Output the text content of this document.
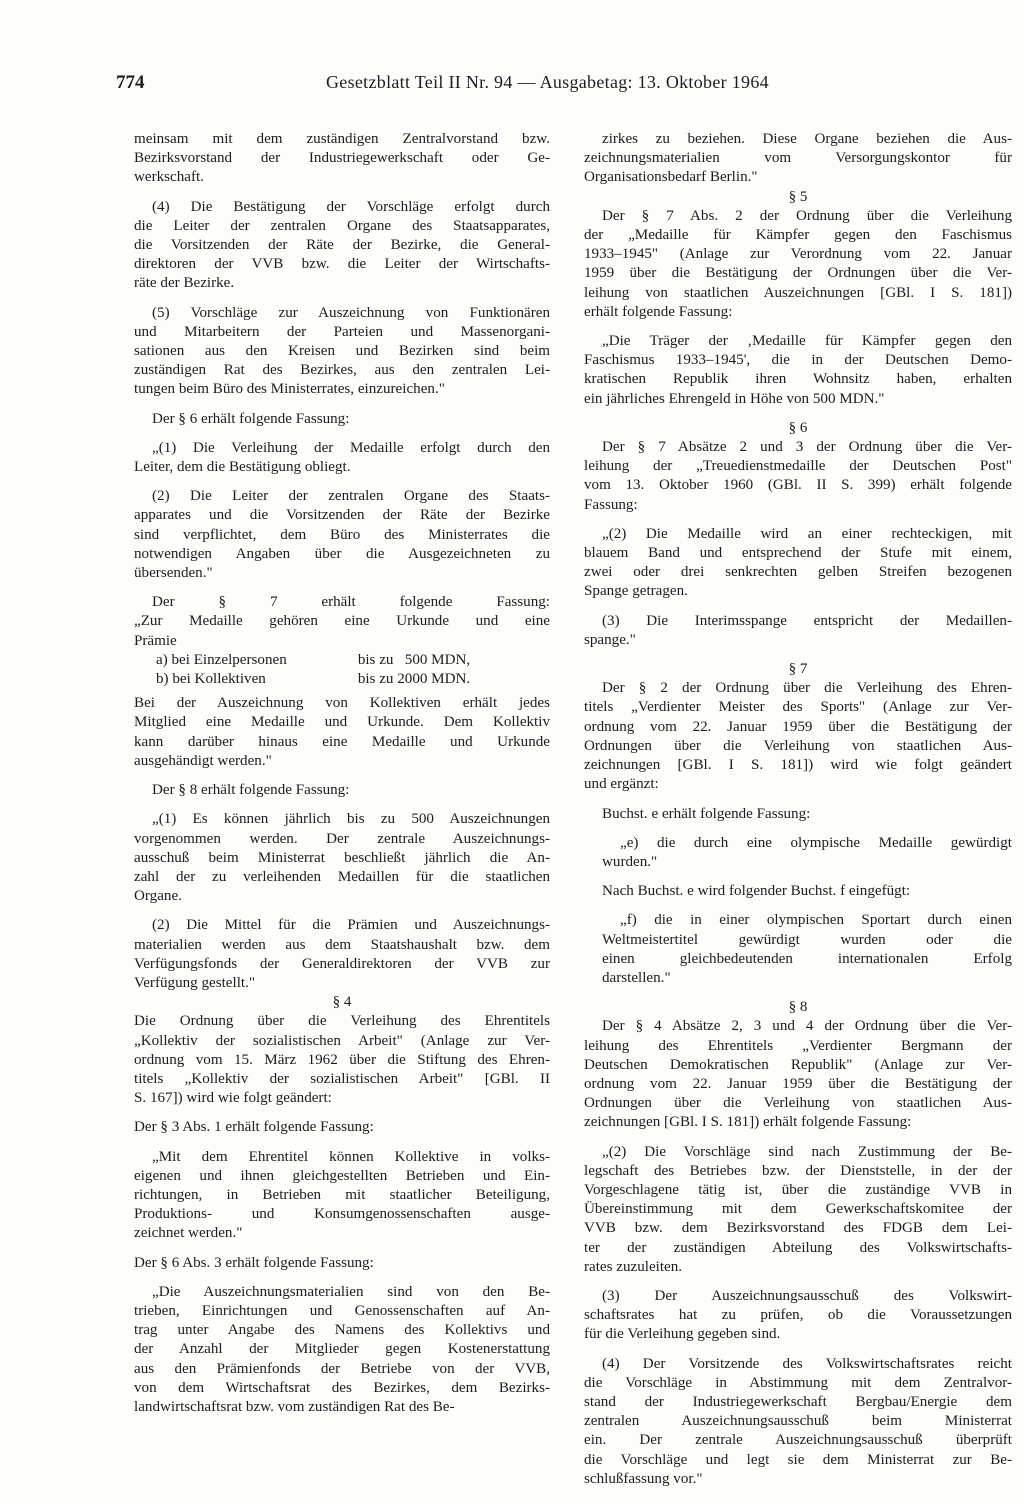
774	Gesetzblatt Teil II Nr. 94 — Ausgabetag: 13. Oktober 1964
meinsam mit dem zuständigen Zentralvorstand bzw.
Bezirksvorstand der Industriegewerkschaft oder Ge-
werkschaft.
(4) Die Bestätigung der Vorschläge erfolgt durch
die Leiter der zentralen Organe des Staatsapparates,
die Vorsitzenden der Räte der Bezirke, die General-
direktoren der VVB bzw. die Leiter der Wirtschafts-
räte der Bezirke.
(5) Vorschläge zur Auszeichnung von Funktionären
und Mitarbeitern der Parteien und Massenorgani-
sationen aus den Kreisen und Bezirken sind beim
zuständigen Rat des Bezirkes, aus den zentralen Lei-
tungen beim Büro des Ministerrates, einzureichen."
Der § 6 erhält folgende Fassung:
„(1) Die Verleihung der Medaille erfolgt durch den
Leiter, dem die Bestätigung obliegt.
(2) Die Leiter der zentralen Organe des Staats-
apparates und die Vorsitzenden der Räte der Bezirke
sind verpflichtet, dem Büro des Ministerrates die
notwendigen Angaben über die Ausgezeichneten zu
übersenden."
Der § 7 erhält folgende Fassung:
„Zur Medaille gehören eine Urkunde und eine
Prämie
a) bei Einzelpersonen	bis zu   500 MDN,
b) bei Kollektiven	bis zu 2000 MDN.
Bei der Auszeichnung von Kollektiven erhält jedes
Mitglied eine Medaille und Urkunde. Dem Kollektiv
kann darüber hinaus eine Medaille und Urkunde
ausgehändigt werden."
Der § 8 erhält folgende Fassung:
„(1) Es können jährlich bis zu 500 Auszeichnungen
vorgenommen werden. Der zentrale Auszeichnungs-
ausschuß beim Ministerrat beschließt jährlich die An-
zahl der zu verleihenden Medaillen für die staatlichen
Organe.
(2) Die Mittel für die Prämien und Auszeichnungs-
materialien werden aus dem Staatshaushalt bzw. dem
Verfügungsfonds der Generaldirektoren der VVB zur
Verfügung gestellt."
§ 4
Die Ordnung über die Verleihung des Ehrentitels
„Kollektiv der sozialistischen Arbeit" (Anlage zur Ver-
ordnung vom 15. März 1962 über die Stiftung des Ehren-
titels „Kollektiv der sozialistischen Arbeit" [GBl. II
S. 167]) wird wie folgt geändert:
Der § 3 Abs. 1 erhält folgende Fassung:
„Mit dem Ehrentitel können Kollektive in volks-
eigenen und ihnen gleichgestellten Betrieben und Ein-
richtungen, in Betrieben mit staatlicher Beteiligung,
Produktions- und Konsumgenossenschaften ausge-
zeichnet werden."
Der § 6 Abs. 3 erhält folgende Fassung:
„Die Auszeichnungsmaterialien sind von den Be-
trieben, Einrichtungen und Genossenschaften auf An-
trag unter Angabe des Namens des Kollektivs und
der Anzahl der Mitglieder gegen Kostenerstattung
aus den Prämienfonds der Betriebe von der VVB,
von dem Wirtschaftsrat des Bezirkes, dem Bezirks-
landwirtschaftsrat bzw. vom zuständigen Rat des Be-
zirkes zu beziehen. Diese Organe beziehen die Aus-
zeichnungsmaterialien vom Versorgungskontor für
Organisationsbedarf Berlin."
§ 5
Der § 7 Abs. 2 der Ordnung über die Verleihung
der „Medaille für Kämpfer gegen den Faschismus
1933–1945" (Anlage zur Verordnung vom 22. Januar
1959 über die Bestätigung der Ordnungen über die Ver-
leihung von staatlichen Auszeichnungen [GBl. I S. 181])
erhält folgende Fassung:
„Die Träger der ‚Medaille für Kämpfer gegen den
Faschismus 1933–1945', die in der Deutschen Demo-
kratischen Republik ihren Wohnsitz haben, erhalten
ein jährliches Ehrengeld in Höhe von 500 MDN."
§ 6
Der § 7 Absätze 2 und 3 der Ordnung über die Ver-
leihung der „Treuedienstmedaille der Deutschen Post"
vom 13. Oktober 1960 (GBl. II S. 399) erhält folgende
Fassung:
„(2) Die Medaille wird an einer rechteckigen, mit
blauem Band und entsprechend der Stufe mit einem,
zwei oder drei senkrechten gelben Streifen bezogenen
Spange getragen.
(3) Die Interimsspange entspricht der Medaillen-
spange."
§ 7
Der § 2 der Ordnung über die Verleihung des Ehren-
titels „Verdienter Meister des Sports" (Anlage zur Ver-
ordnung vom 22. Januar 1959 über die Bestätigung der
Ordnungen über die Verleihung von staatlichen Aus-
zeichnungen [GBl. I S. 181]) wird wie folgt geändert
und ergänzt:
Buchst. e erhält folgende Fassung:
„e) die durch eine olympische Medaille gewürdigt
wurden."
Nach Buchst. e wird folgender Buchst. f eingefügt:
„f) die in einer olympischen Sportart durch einen
Weltmeistertitel gewürdigt wurden oder die
einen gleichbedeutenden internationalen Erfolg
darstellen."
§ 8
Der § 4 Absätze 2, 3 und 4 der Ordnung über die Ver-
leihung des Ehrentitels „Verdienter Bergmann der
Deutschen Demokratischen Republik" (Anlage zur Ver-
ordnung vom 22. Januar 1959 über die Bestätigung der
Ordnungen über die Verleihung von staatlichen Aus-
zeichnungen [GBl. I S. 181]) erhält folgende Fassung:
„(2) Die Vorschläge sind nach Zustimmung der Be-
legschaft des Betriebes bzw. der Dienststelle, in der der
Vorgeschlagene tätig ist, über die zuständige VVB in
Übereinstimmung mit dem Gewerkschaftskomitee der
VVB bzw. dem Bezirksvorstand des FDGB dem Lei-
ter der zuständigen Abteilung des Volkswirtschafts-
rates zuzuleiten.
(3) Der Auszeichnungsausschuß des Volkswirt-
schaftsrates hat zu prüfen, ob die Voraussetzungen
für die Verleihung gegeben sind.
(4) Der Vorsitzende des Volkswirtschaftsrates reicht
die Vorschläge in Abstimmung mit dem Zentralvor-
stand der Industriegewerkschaft Bergbau/Energie dem
zentralen Auszeichnungsausschuß beim Ministerrat
ein. Der zentrale Auszeichnungsausschuß überprüft
die Vorschläge und legt sie dem Ministerrat zur Be-
schlußfassung vor."
